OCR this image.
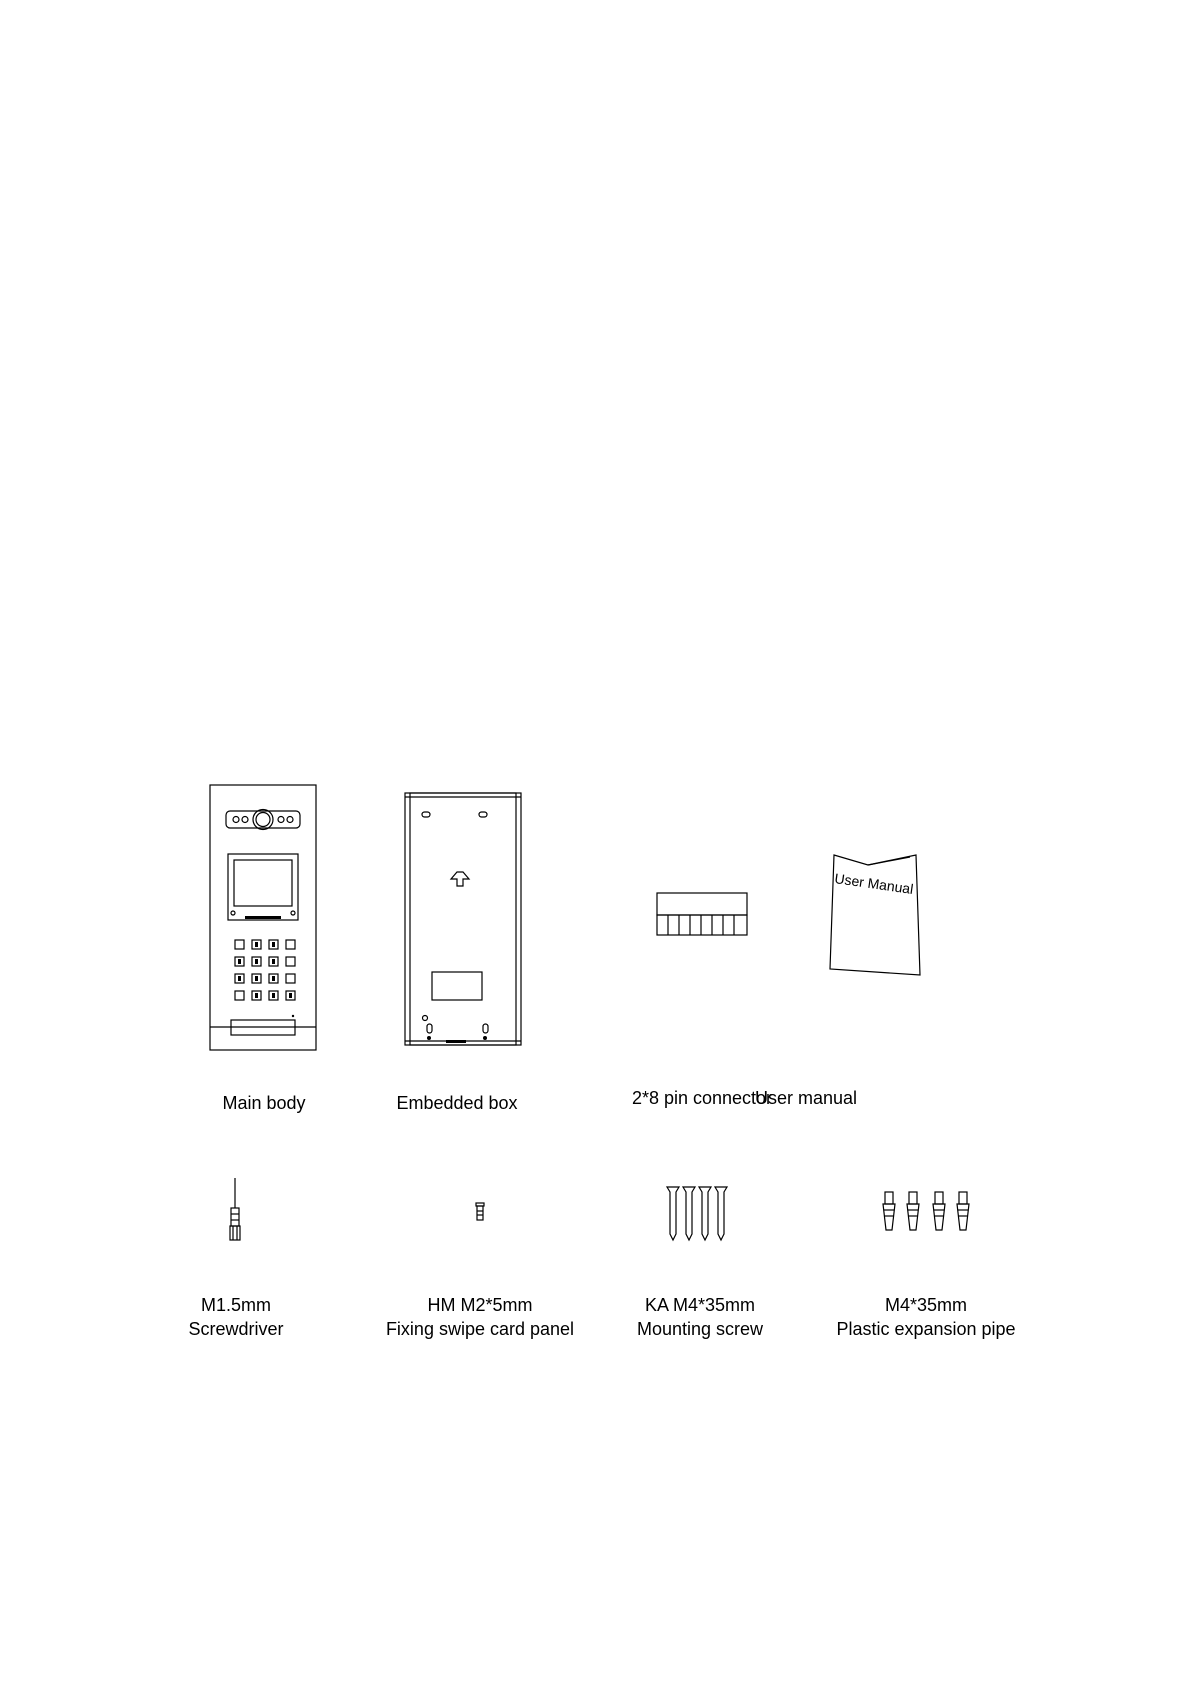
Main body	Embedded box	2*8 pin connector
User Manual
User manual
M1.5mm
Screwdriver
HM M2*5mm
Fixing swipe card panel
KA M4*35mm
Mounting screw
M4*35mm
Plastic expansion pipe
